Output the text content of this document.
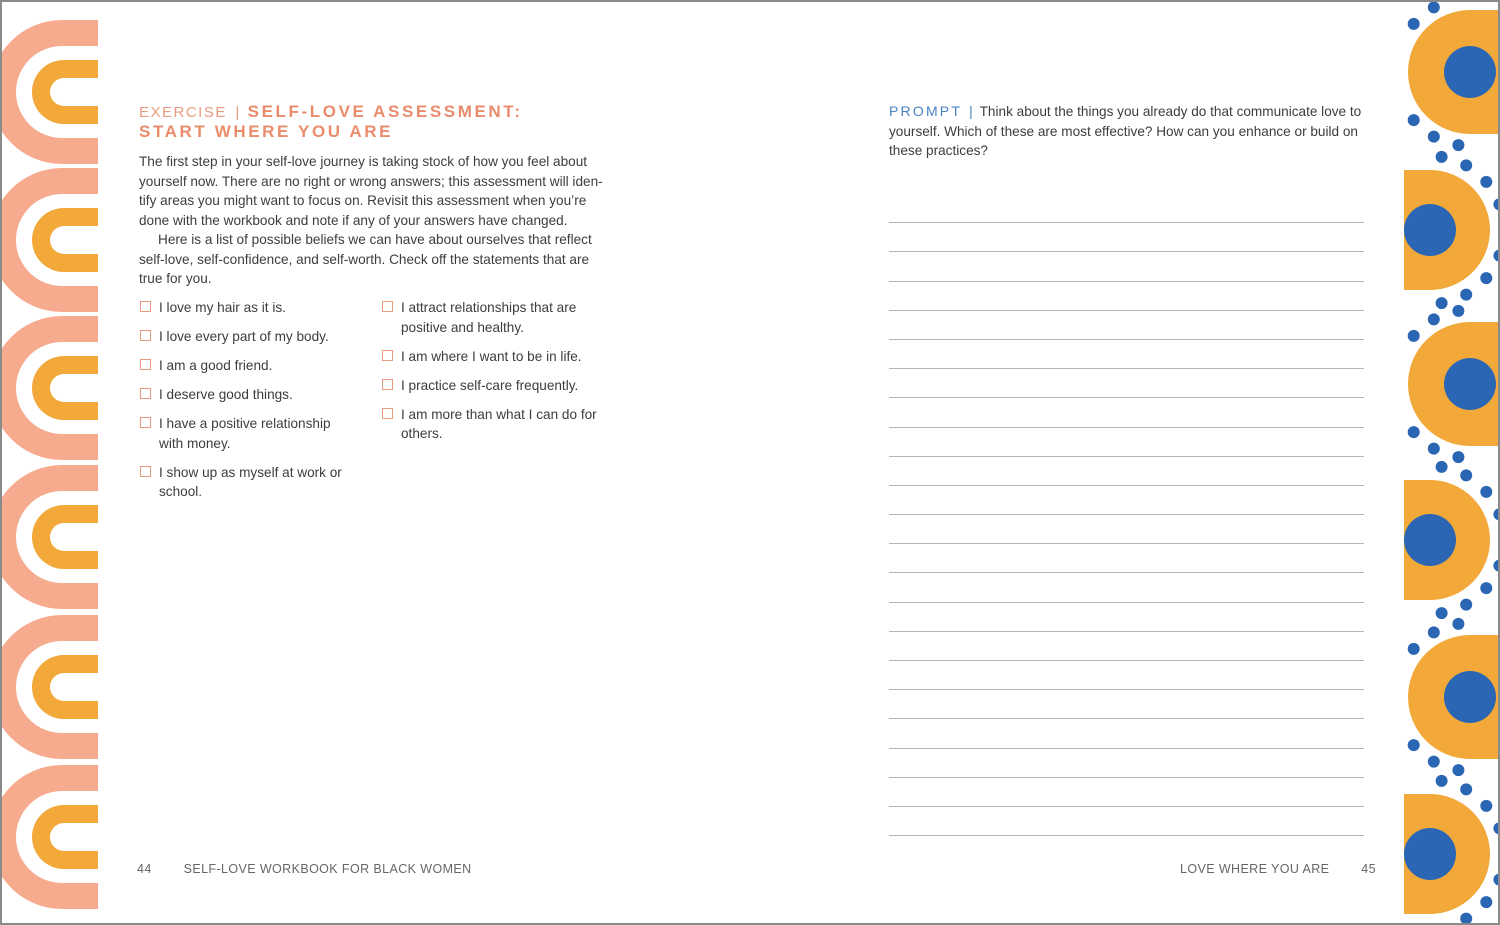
EXERCISE | SELF-LOVE ASSESSMENT:
START WHERE YOU ARE

The first step in your self-love journey is taking stock of how you feel about yourself now. There are no right or wrong answers; this assessment will iden- tify areas you might want to focus on. Revisit this assessment when you’re done with the workbook and note if any of your answers have changed.

Here is a list of possible beliefs we can have about ourselves that reflect self-love, self-confidence, and self-worth. Check off the statements that are true for you.

I love my hair as it is.
I love every part of my body.
I am a good friend.
I deserve good things.
I have a positive relationship with money.
I show up as myself at work or school.
I attract relationships that are positive and healthy.
I am where I want to be in life.
I practice self-care frequently.
I am more than what I can do for others.
44	SELF-LOVE WORKBOOK FOR BLACK WOMEN
PROMPT | Think about the things you already do that communicate love to yourself. Which of these are most effective? How can you enhance or build on these practices?
LOVE WHERE YOU ARE	45
